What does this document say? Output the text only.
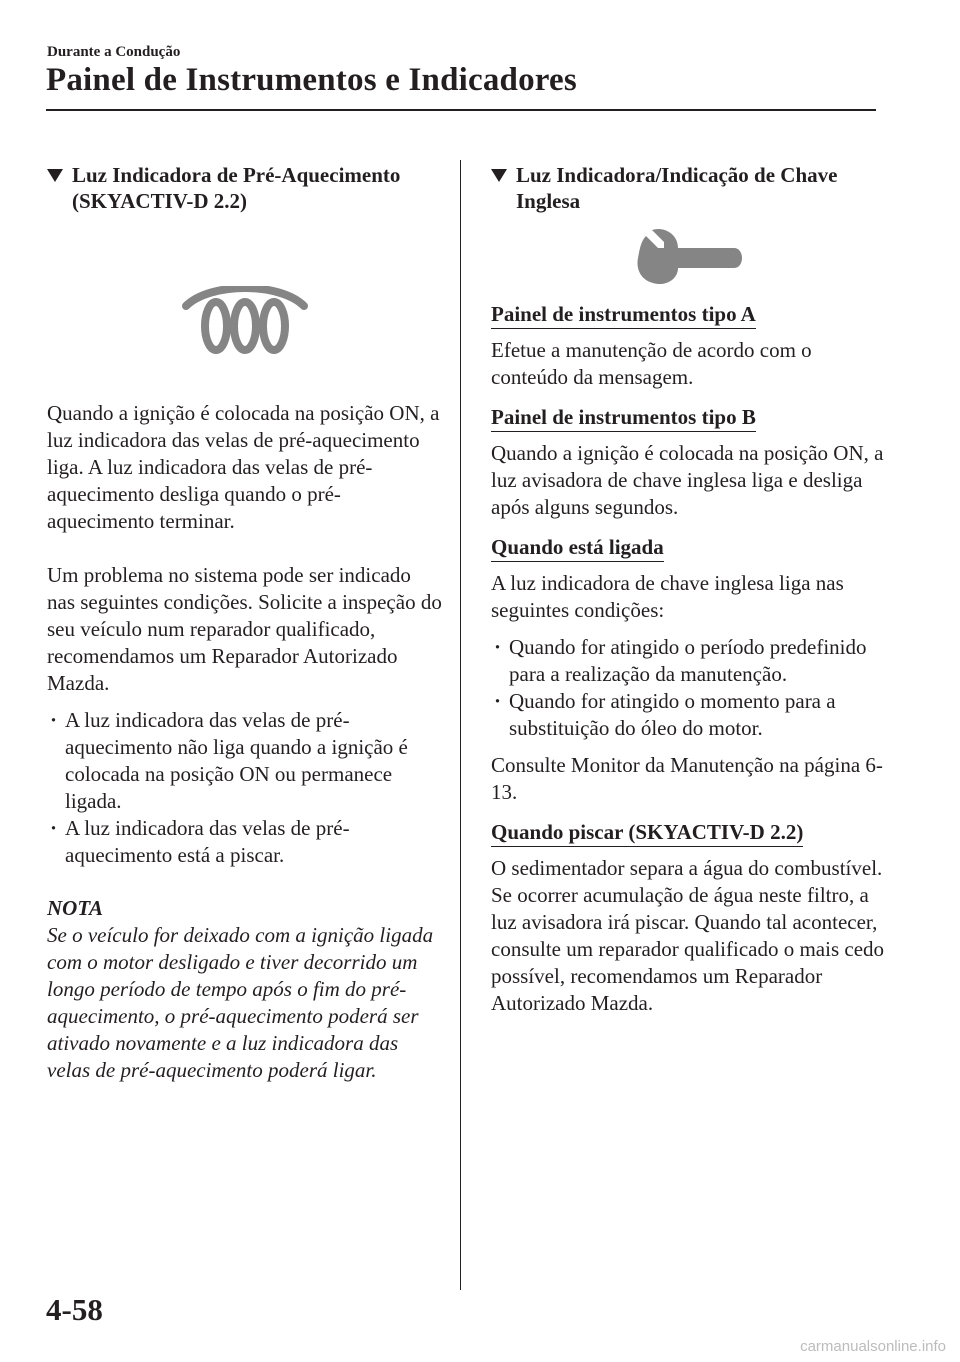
Durante a Condução
Painel de Instrumentos e Indicadores
Luz Indicadora de Pré-Aquecimento (SKYACTIV-D 2.2)

Quando a ignição é colocada na posição ON, a luz indicadora das velas de pré-aquecimento liga. A luz indicadora das velas de pré-aquecimento desliga quando o pré-aquecimento terminar.

Um problema no sistema pode ser indicado nas seguintes condições. Solicite a inspeção do seu veículo num reparador qualificado, recomendamos um Reparador Autorizado Mazda.

· A luz indicadora das velas de pré-aquecimento não liga quando a ignição é colocada na posição ON ou permanece ligada.
· A luz indicadora das velas de pré-aquecimento está a piscar.

NOTA

Se o veículo for deixado com a ignição ligada com o motor desligado e tiver decorrido um longo período de tempo após o fim do pré-aquecimento, o pré-aquecimento poderá ser ativado novamente e a luz indicadora das velas de pré-aquecimento poderá ligar.

Luz Indicadora/Indicação de Chave Inglesa
Painel de instrumentos tipo A

Efetue a manutenção de acordo com o conteúdo da mensagem.

Painel de instrumentos tipo B

Quando a ignição é colocada na posição ON, a luz avisadora de chave inglesa liga e desliga após alguns segundos.

Quando está ligada

A luz indicadora de chave inglesa liga nas seguintes condições:

· Quando for atingido o período predefinido para a realização da manutenção.
· Quando for atingido o momento para a substituição do óleo do motor.

Consulte Monitor da Manutenção na página 6-13.

Quando piscar (SKYACTIV-D 2.2)

O sedimentador separa a água do combustível.

Se ocorrer acumulação de água neste filtro, a luz avisadora irá piscar. Quando tal acontecer, consulte um reparador qualificado o mais cedo possível, recomendamos um Reparador Autorizado Mazda.

4-58
carmanualsonline.info
